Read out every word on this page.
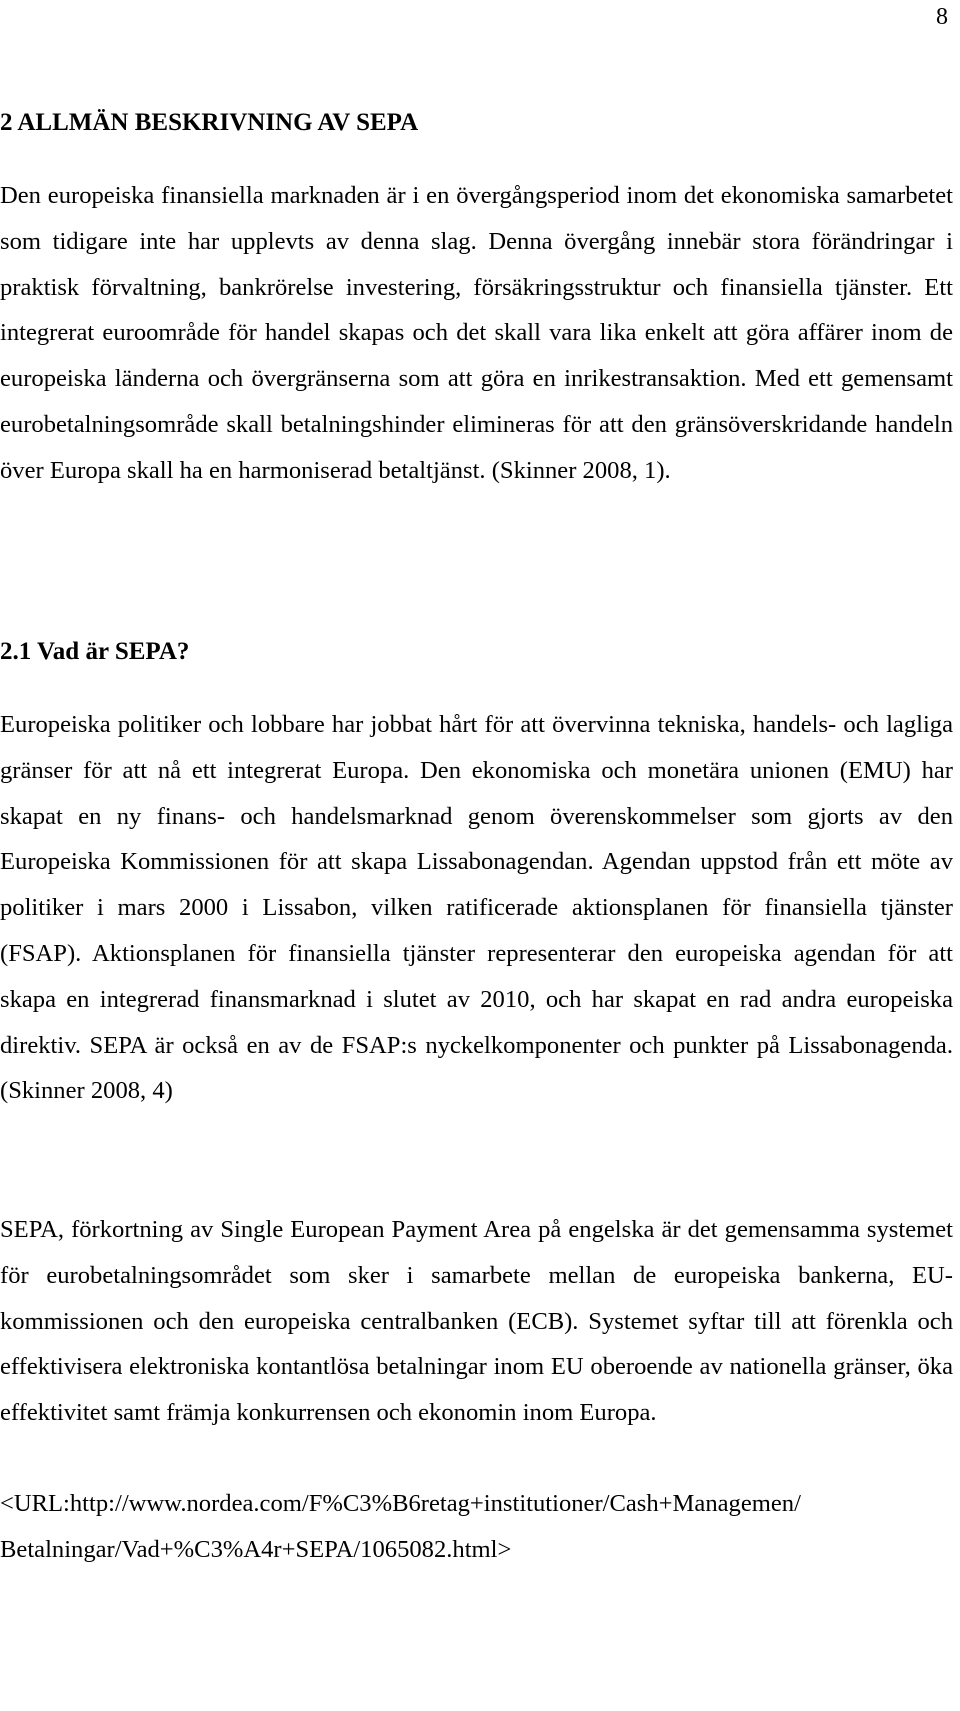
8
2 ALLMÄN BESKRIVNING AV SEPA

Den europeiska finansiella marknaden är i en övergångsperiod inom det ekonomiska samarbetet som tidigare inte har upplevts av denna slag. Denna övergång innebär stora förändringar i praktisk förvaltning, bankrörelse investering, försäkringsstruktur och finansiella tjänster. Ett integrerat euroområde för handel skapas och det skall vara lika enkelt att göra affärer inom de europeiska länderna och övergränserna som att göra en inrikestransaktion. Med ett gemensamt eurobetalningsområde skall betalningshinder elimineras för att den gränsöverskridande handeln över Europa skall ha en harmoniserad betaltjänst. (Skinner 2008, 1).

2.1 Vad är SEPA?

Europeiska politiker och lobbare har jobbat hårt för att övervinna tekniska, handels- och lagliga gränser för att nå ett integrerat Europa. Den ekonomiska och monetära unionen (EMU) har skapat en ny finans- och handelsmarknad genom överenskommelser som gjorts av den Europeiska Kommissionen för att skapa Lissabonagendan. Agendan uppstod från ett möte av politiker i mars 2000 i Lissabon, vilken ratificerade aktionsplanen för finansiella tjänster (FSAP). Aktionsplanen för finansiella tjänster representerar den europeiska agendan för att skapa en integrerad finansmarknad i slutet av 2010, och har skapat en rad andra europeiska direktiv. SEPA är också en av de FSAP:s nyckelkomponenter och punkter på Lissabonagenda. (Skinner 2008, 4)

SEPA, förkortning av Single European Payment Area på engelska är det gemensamma systemet för eurobetalningsområdet som sker i samarbete mellan de europeiska bankerna, EU-kommissionen och den europeiska centralbanken (ECB). Systemet syftar till att förenkla och effektivisera elektroniska kontantlösa betalningar inom EU oberoende av nationella gränser, öka effektivitet samt främja konkurrensen och ekonomin inom Europa.

<URL:http://www.nordea.com/F%C3%B6retag+institutioner/Cash+Managemen/
Betalningar/Vad+%C3%A4r+SEPA/1065082.html>
